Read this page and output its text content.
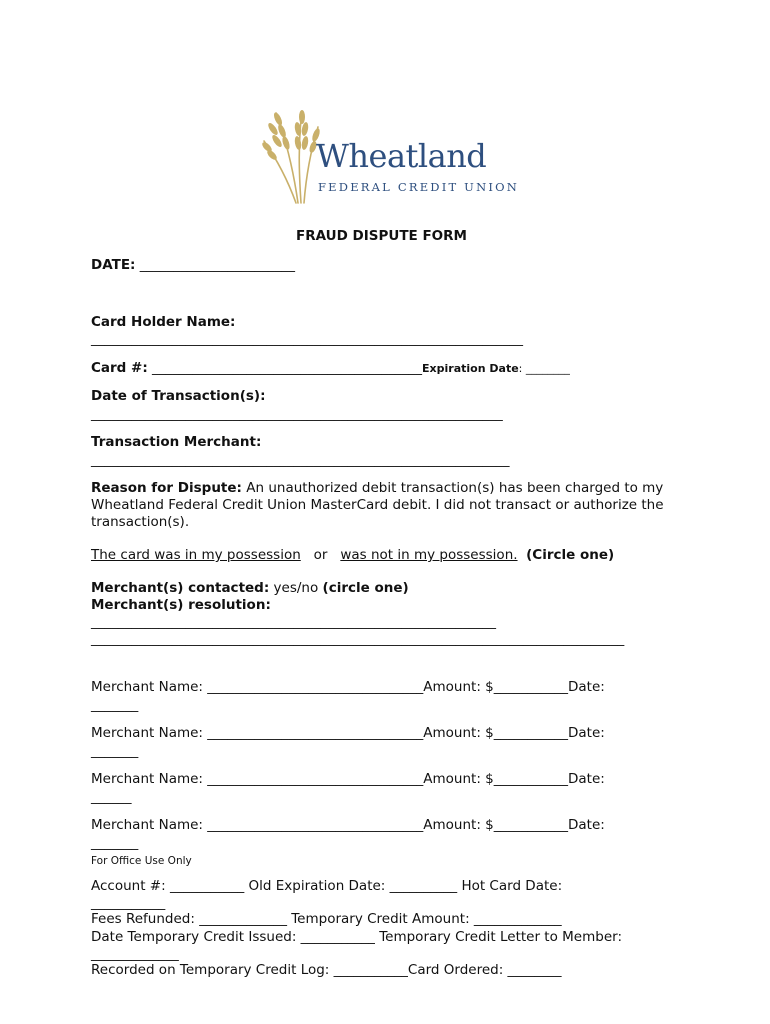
Wheatland
FEDERAL CREDIT UNION
FRAUD DISPUTE FORM
DATE: _______________________
Card Holder Name:
________________________________________________________________
Card #: ________________________________________Expiration Date: ________
Date of Transaction(s):
_____________________________________________________________
Transaction Merchant:
______________________________________________________________
Reason for Dispute: An unauthorized debit transaction(s) has been charged to my Wheatland Federal Credit Union MasterCard debit. I did not transact or authorize the transaction(s).
The card was in my possession or was not in my possession. (Circle one)
Merchant(s) contacted: yes/no (circle one)
Merchant(s) resolution:
____________________________________________________________
_______________________________________________________________________________
Merchant Name: ________________________________Amount: $___________Date:
_______
Merchant Name: ________________________________Amount: $___________Date:
_______
Merchant Name: ________________________________Amount: $___________Date:
______
Merchant Name: ________________________________Amount: $___________Date:
_______
For Office Use Only
Account #: ___________ Old Expiration Date: __________ Hot Card Date:
___________
Fees Refunded: _____________ Temporary Credit Amount: _____________
Date Temporary Credit Issued: ___________ Temporary Credit Letter to Member:
_____________
Recorded on Temporary Credit Log: ___________Card Ordered: ________
